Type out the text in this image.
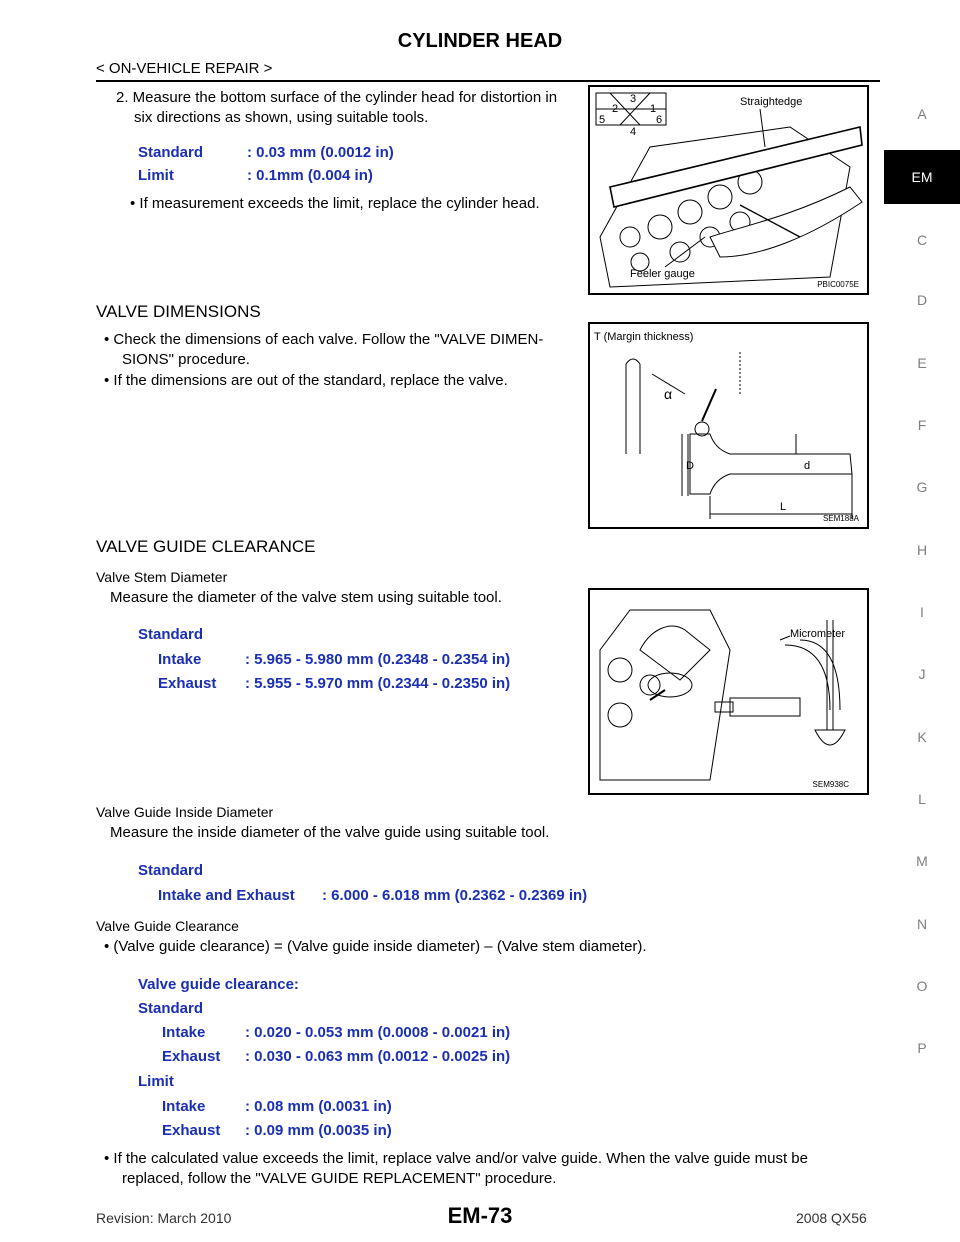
CYLINDER HEAD
< ON-VEHICLE REPAIR >
A
EM
C
D
E
F
G
H
I
J
K
L
M
N
O
P
2. Measure the bottom surface of the cylinder head for distortion in
six directions as shown, using suitable tools.
Standard	: 0.03 mm (0.0012 in)
Limit	: 0.1mm (0.004 in)
• If measurement exceeds the limit, replace the cylinder head.
3
2	1
5	6
4
Straightedge
Feeler gauge
PBIC0075E
VALVE DIMENSIONS
• Check the dimensions of each valve. Follow the "VALVE DIMEN-
SIONS" procedure.
• If the dimensions are out of the standard, replace the valve.
T (Margin thickness)
α
D	d
L
SEM188A
VALVE GUIDE CLEARANCE
Valve Stem Diameter
Measure the diameter of the valve stem using suitable tool.
Standard
Intake	: 5.965 - 5.980 mm (0.2348 - 0.2354 in)
Exhaust : 5.955 - 5.970 mm (0.2344 - 0.2350 in)
Micrometer
SEM938C
Valve Guide Inside Diameter
Measure the inside diameter of the valve guide using suitable tool.
Standard
Intake and Exhaust : 6.000 - 6.018 mm (0.2362 - 0.2369 in)
Valve Guide Clearance
• (Valve guide clearance) = (Valve guide inside diameter) – (Valve stem diameter).
Valve guide clearance:
Standard
Intake	: 0.020 - 0.053 mm (0.0008 - 0.0021 in)
Exhaust : 0.030 - 0.063 mm (0.0012 - 0.0025 in)
Limit
Intake	: 0.08 mm (0.0031 in)
Exhaust : 0.09 mm (0.0035 in)
• If the calculated value exceeds the limit, replace valve and/or valve guide. When the valve guide must be
replaced, follow the "VALVE GUIDE REPLACEMENT" procedure.
Revision: March 2010	EM-73	2008 QX56
